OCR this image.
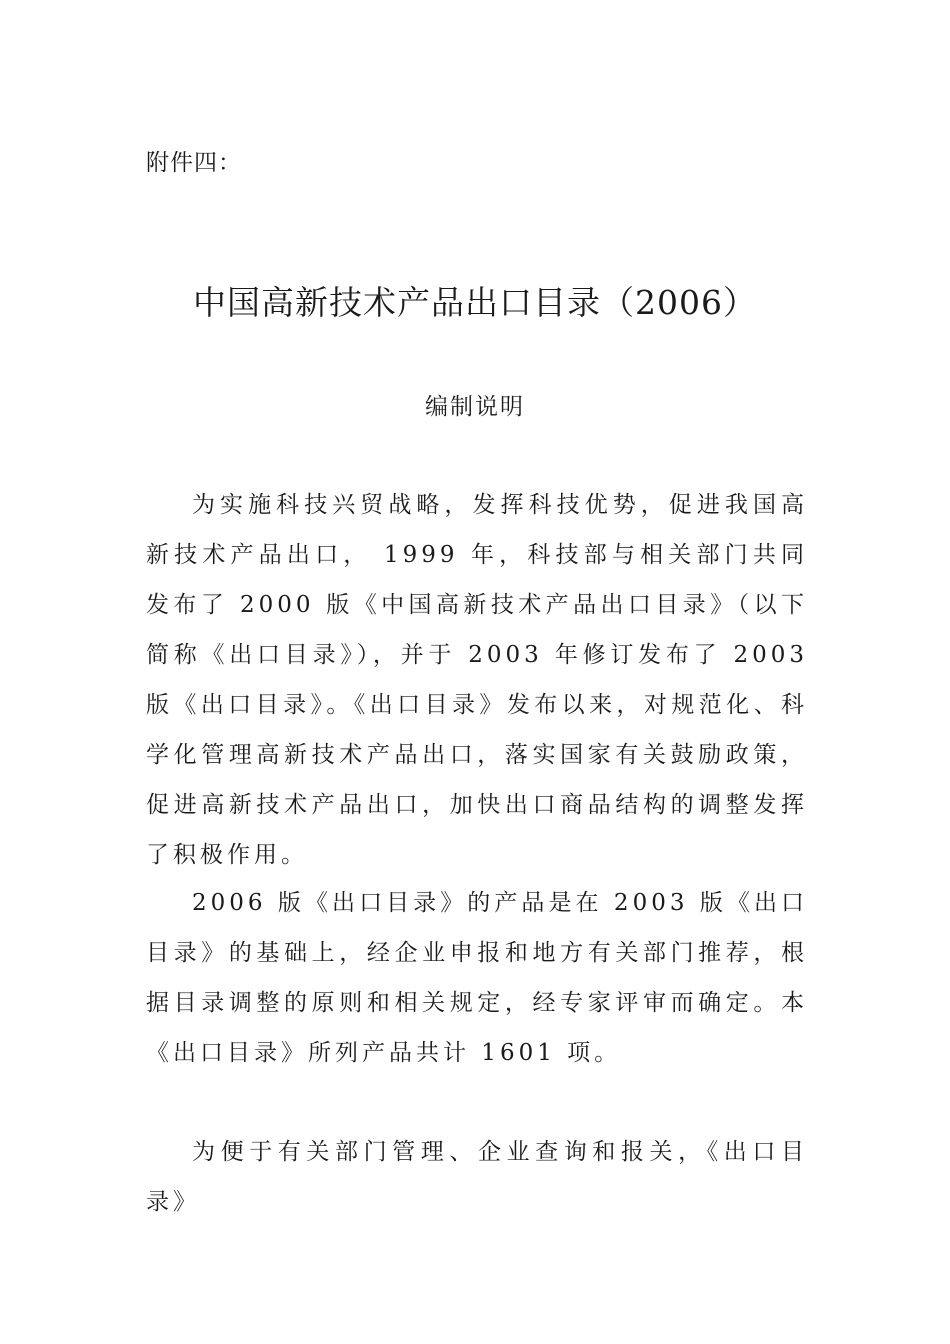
附件四：
中国高新技术产品出口目录（2006）
编制说明

为实施科技兴贸战略，发挥科技优势，促进我国高新技术产品出口， 1999 年，科技部与相关部门共同发布了 2000 版《中国高新技术产品出口目录》（以下简称《出口目录》），并于 2003 年修订发布了 2003 版《出口目录》。《出口目录》发布以来，对规范化、科学化管理高新技术产品出口，落实国家有关鼓励政策，促进高新技术产品出口，加快出口商品结构的调整发挥了积极作用。

2006 版《出口目录》的产品是在 2003 版《出口目录》的基础上，经企业申报和地方有关部门推荐，根据目录调整的原则和相关规定，经专家评审而确定。本《出口目录》所列产品共计 1601 项。

为便于有关部门管理、企业查询和报关，《出口目录》
